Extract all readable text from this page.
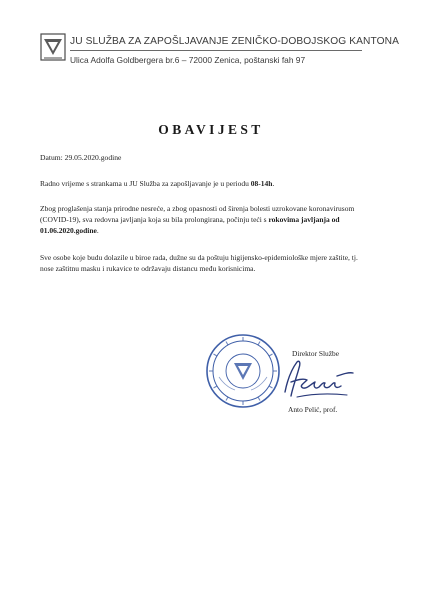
JU SLUŽBA ZA ZAPOŠLJAVANJE ZENIČKO-DOBOJSKOG KANTONA
Ulica Adolfa Goldbergera br.6 – 72000 Zenica, poštanski fah 97
OBAVIJEST
Datum: 29.05.2020.godine
Radno vrijeme s strankama u JU Služba za zapošljavanje je u periodu 08-14h.
Zbog proglašenja stanja prirodne nesreće, a zbog opasnosti od širenja bolesti uzrokovane koronavirusom (COVID-19), sva redovna javljanja koja su bila prolongirana, počinju teći s rokovima javljanja od 01.06.2020.godine.
Sve osobe koje budu dolazile u biroe rada, dužne su da poštuju higijensko-epidemiološke mjere zaštite, tj. nose zaštitnu masku i rukavice te održavaju distancu među korisnicima.
Direktor Službe
Anto Pelić, prof.
